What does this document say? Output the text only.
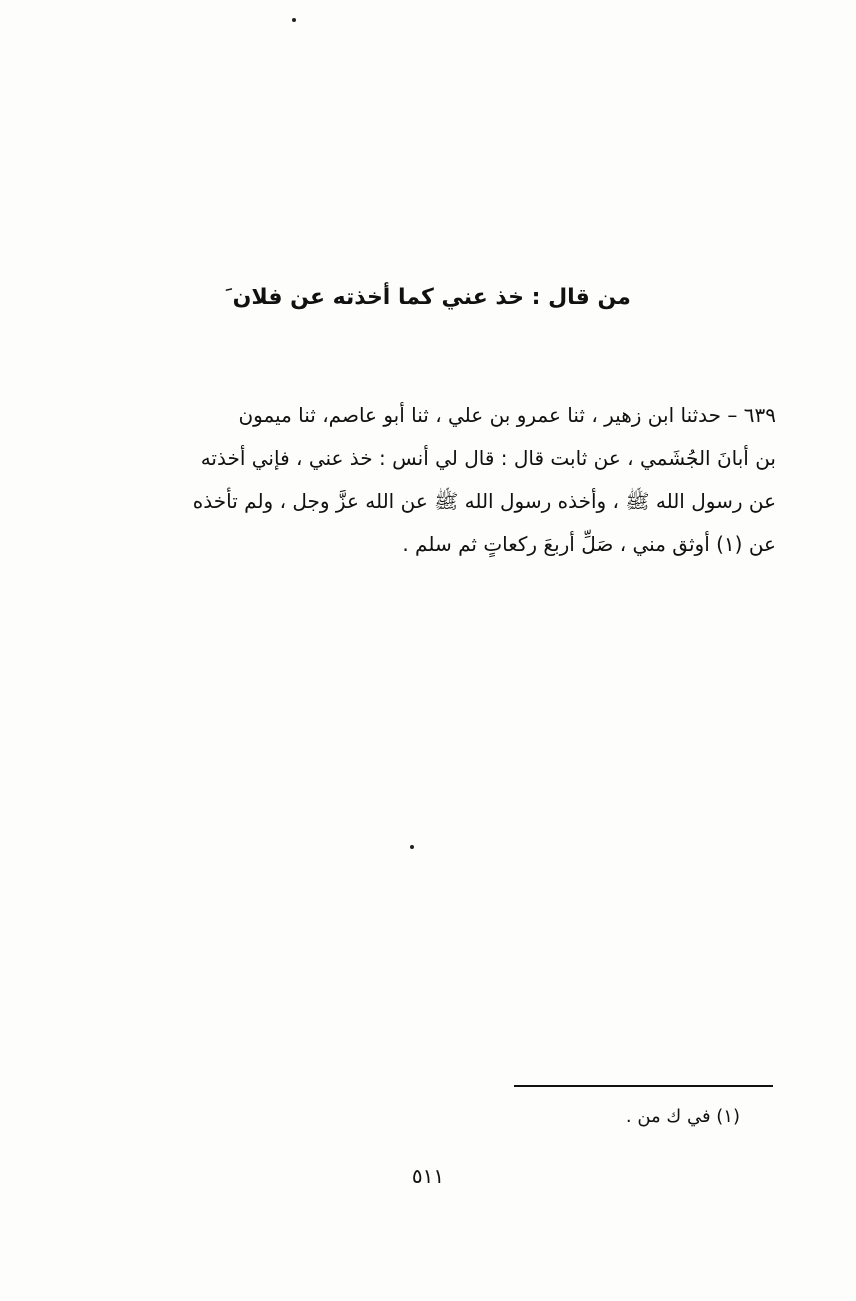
من قال : خذ عني كما أخذته عن فلان َ
٦٣٩ – حدثنا ابن زهير ، ثنا عمرو بن علي ، ثنا أبو عاصم، ثنا ميمون
بن أبانَ الجُشَمي ، عن ثابت قال : قال لي أنس : خذ عني ، فإني أخذته
عن رسول الله ﷺ ، وأخذه رسول الله ﷺ عن الله عزَّ وجل ، ولم تأخذه
عن (١) أوثق مني ، صَلِّ أربعَ ركعاتٍ ثم سلم .
(١) في ك من .
٥١١
